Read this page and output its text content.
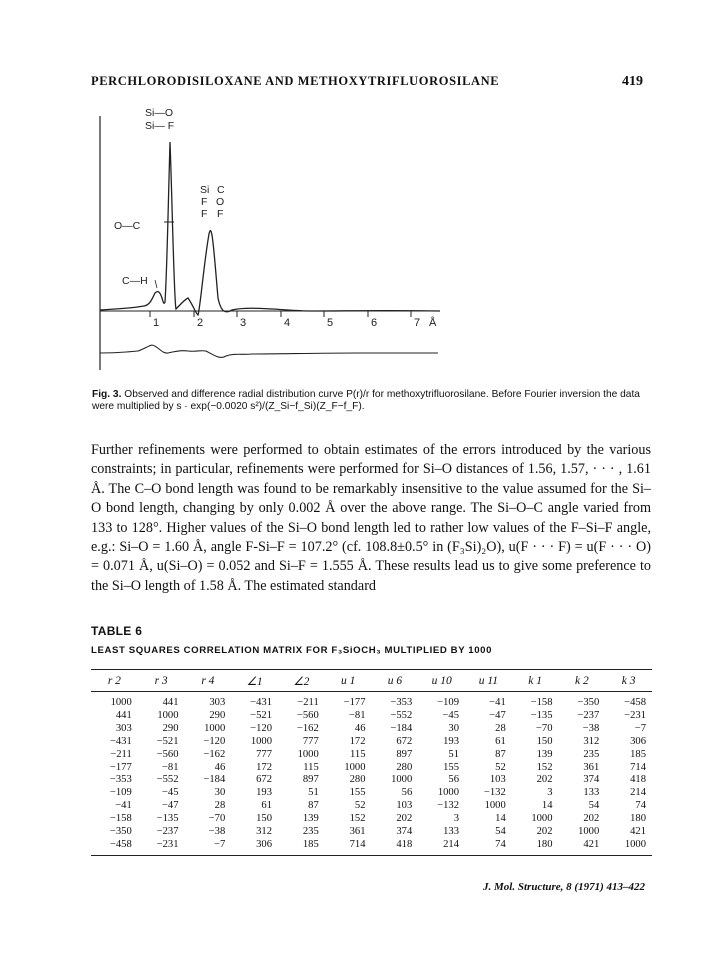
PERCHLORODISILOXANE AND METHOXYTRIFLUOROSILANE	419
1	2	3	4	5	6	7 Å
Si—O
Si— F
O—C
C—H
Si C
F O
F F
Fig. 3. Observed and difference radial distribution curve P(r)/r for methoxytrifluorosilane. Before Fourier inversion the data were multiplied by s · exp(−0.0020 s²)/(Z_Si−f_Si)(Z_F−f_F).

Further refinements were performed to obtain estimates of the errors introduced by the various constraints; in particular, refinements were performed for Si–O distances of 1.56, 1.57, · · · , 1.61 Å. The C–O bond length was found to be remarkably insensitive to the value assumed for the Si–O bond length, changing by only 0.002 Å over the above range. The Si–O–C angle varied from 133 to 128°. Higher values of the Si–O bond length led to rather low values of the F–Si–F angle, e.g.: Si–O = 1.60 Å, angle F-Si–F = 107.2° (cf. 108.8±0.5° in (F₃Si)₂O), u(F · · · F) = u(F · · · O) = 0.071 Å, u(Si–O) = 0.052 and Si–F = 1.555 Å. These results lead us to give some preference to the Si–O length of 1.58 Å. The estimated standard

TABLE 6
LEAST SQUARES CORRELATION MATRIX FOR F₃SiOCH₃ MULTIPLIED BY 1000
r 2	r 3	r 4	∠1	∠2	u 1	u 6	u 10	u 11	k 1	k 2	k 3
1000	441	303	−431	−211	−177	−353	−109	−41	−158	−350	−458
441	1000	290	−521	−560	−81	−552	−45	−47	−135	−237	−231
303	290	1000	−120	−162	46	−184	30	28	−70	−38	−7
−431	−521	−120	1000	777	172	672	193	61	150	312	306
−211	−560	−162	777	1000	115	897	51	87	139	235	185
−177	−81	46	172	115	1000	280	155	52	152	361	714
−353	−552	−184	672	897	280	1000	56	103	202	374	418
−109	−45	30	193	51	155	56	1000	−132	3	133	214
−41	−47	28	61	87	52	103	−132	1000	14	54	74
−158	−135	−70	150	139	152	202	3	14	1000	202	180
−350	−237	−38	312	235	361	374	133	54	202	1000	421
−458	−231	−7	306	185	714	418	214	74	180	421	1000
J. Mol. Structure, 8 (1971) 413–422
